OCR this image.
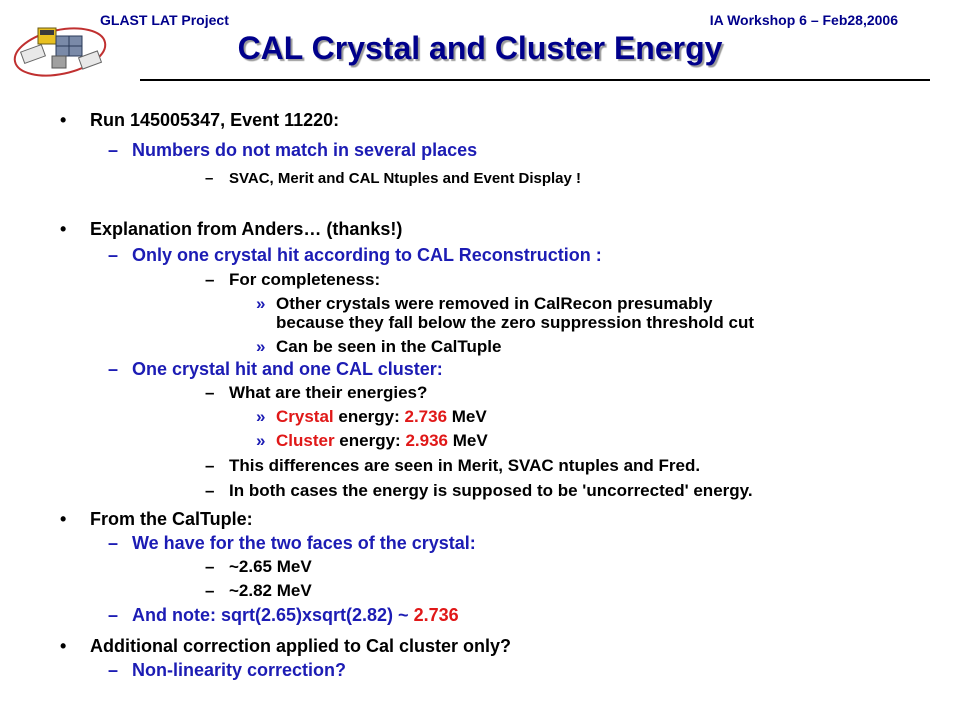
GLAST LAT Project	IA Workshop 6 – Feb28,2006
CAL Crystal and Cluster Energy
• Run 145005347, Event 11220:
– Numbers do not match in several places
– SVAC, Merit and CAL Ntuples and Event Display !
• Explanation from Anders… (thanks!)
– Only one crystal hit according to CAL Reconstruction :
– For completeness:
» Other crystals were removed in CalRecon presumably
because they fall below the zero suppression threshold cut
» Can be seen in the CalTuple
– One crystal hit and one CAL cluster:
– What are their energies?
» Crystal energy: 2.736 MeV
» Cluster energy: 2.936 MeV
– This differences are seen in Merit, SVAC ntuples and Fred.
– In both cases the energy is supposed to be 'uncorrected' energy.
• From the CalTuple:
– We have for the two faces of the crystal:
– ~2.65 MeV
– ~2.82 MeV
– And note: sqrt(2.65)xsqrt(2.82) ~ 2.736
• Additional correction applied to Cal cluster only?
– Non-linearity correction?
